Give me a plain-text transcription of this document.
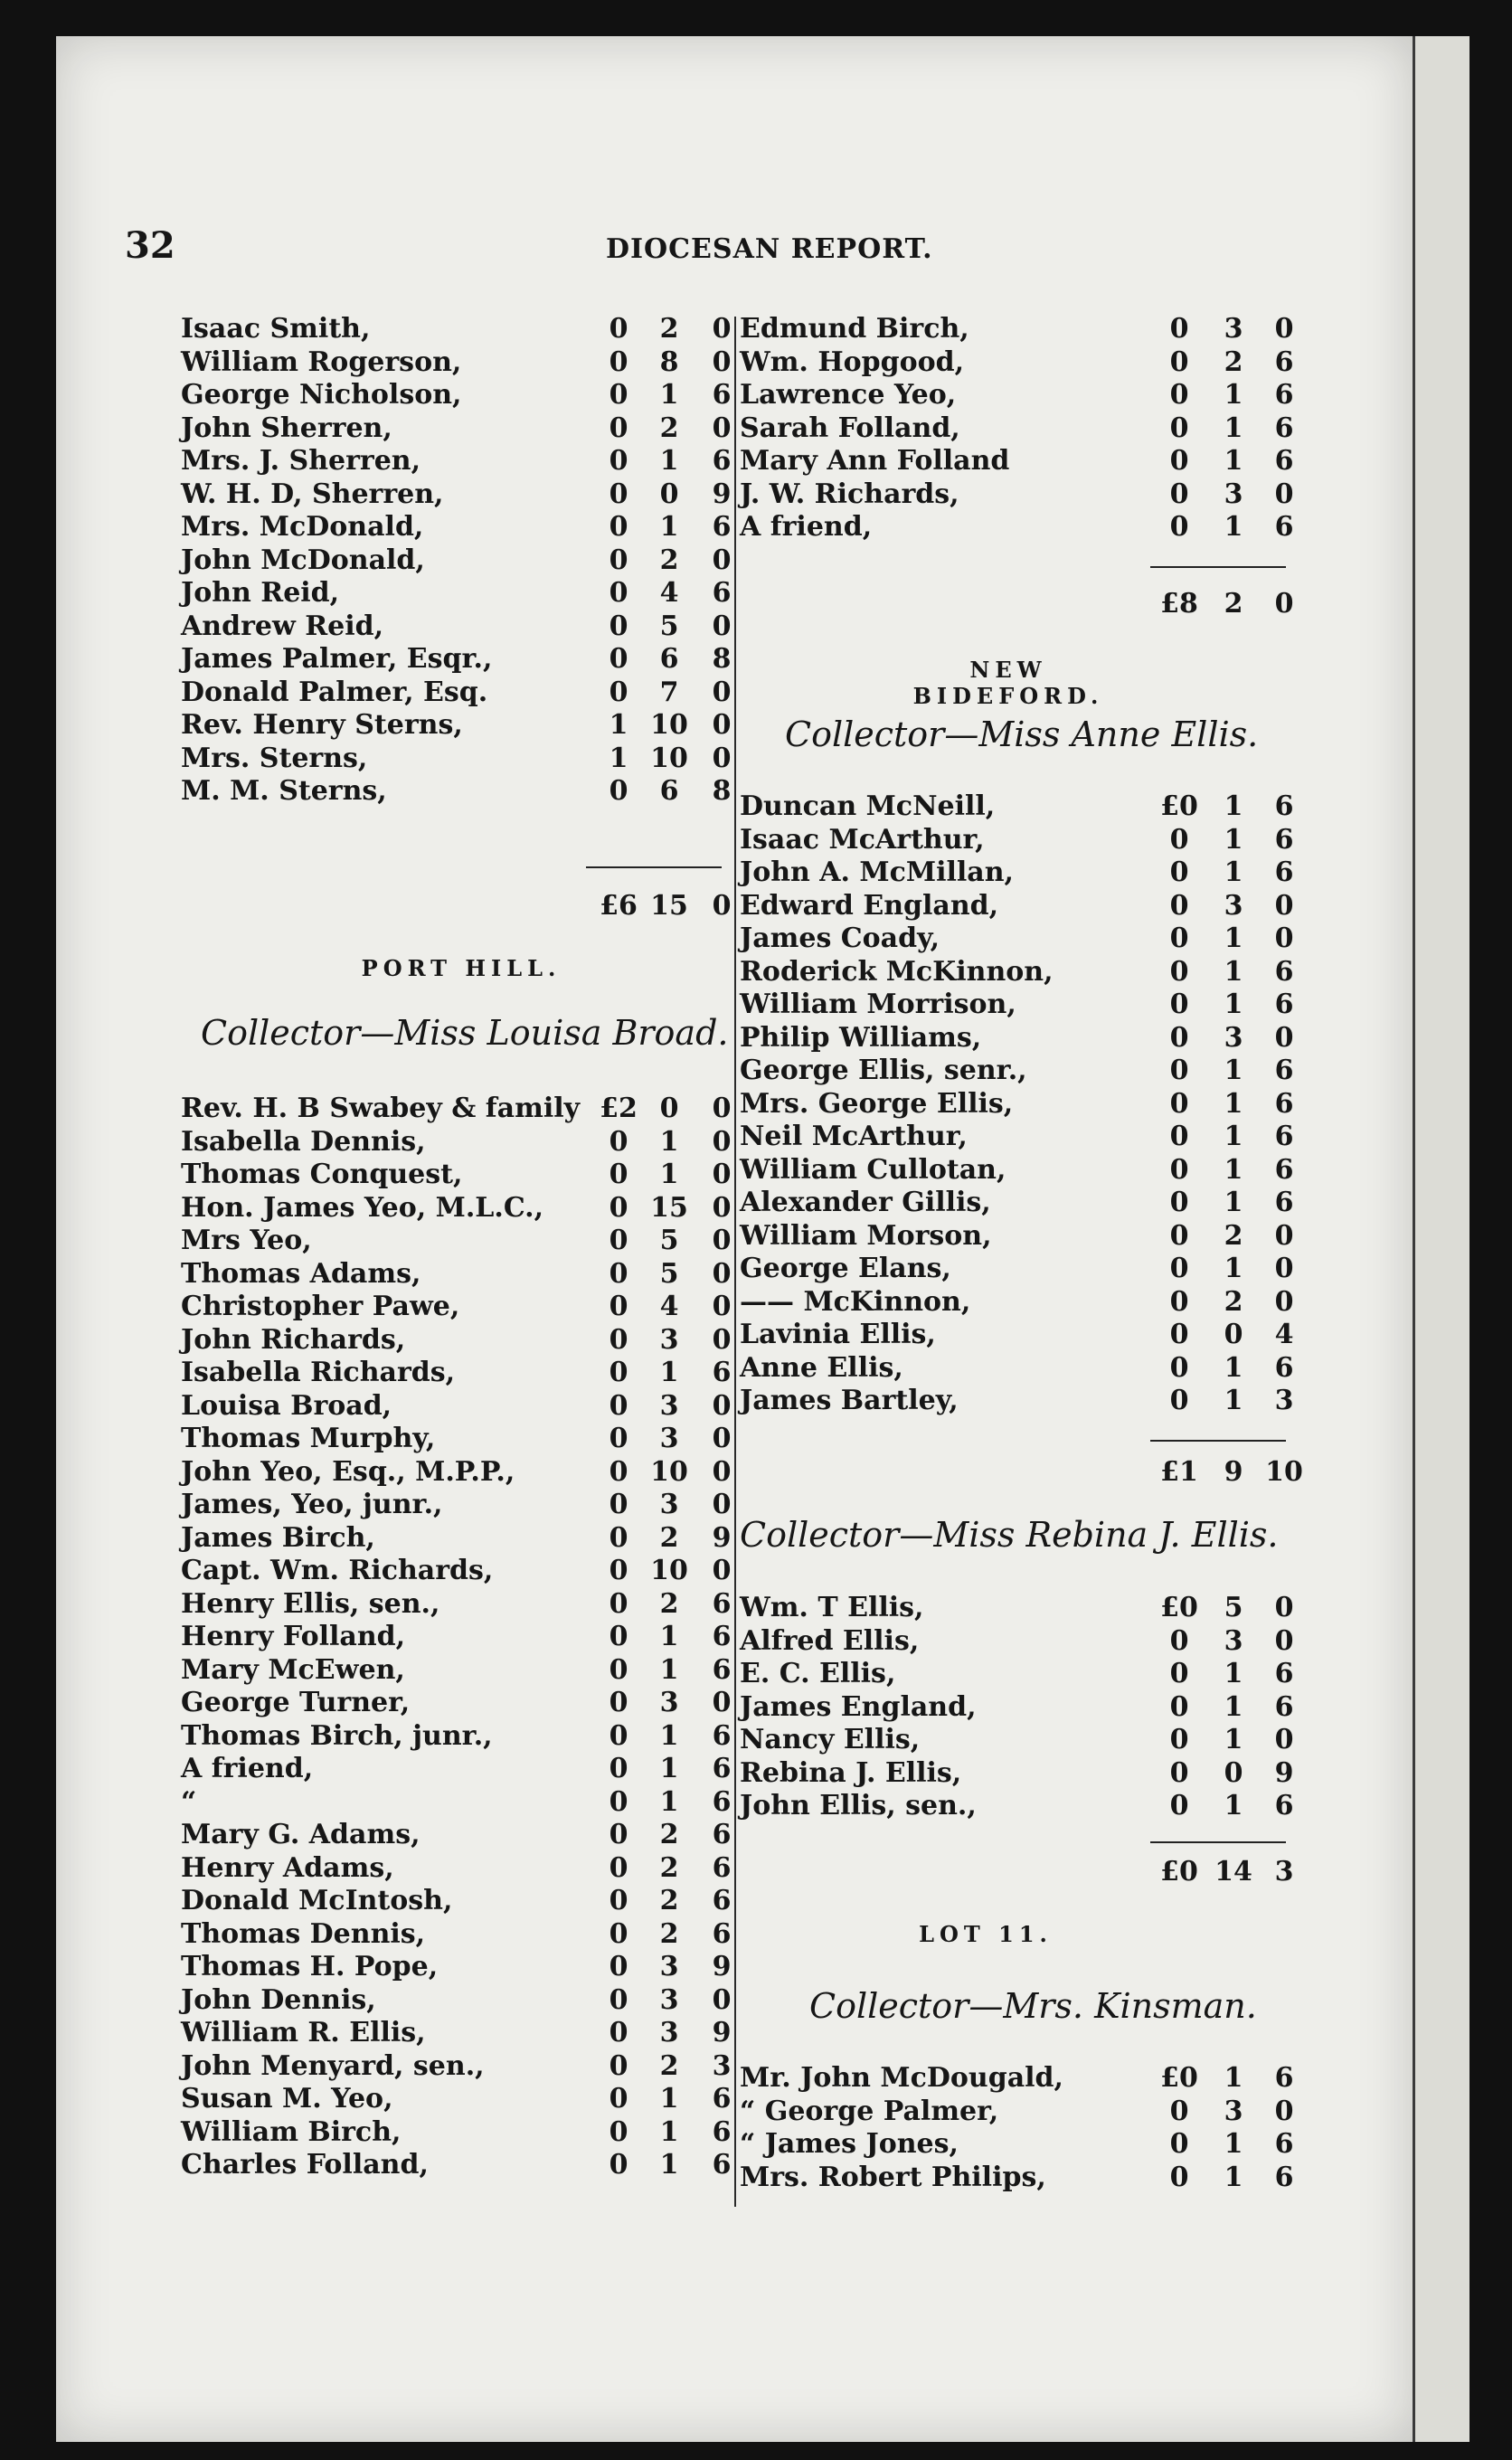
32	DIOCESAN REPORT.
Isaac Smith,	0	2	0
William Rogerson,	0	8	0
George Nicholson,	0	1	6
John Sherren,	0	2	0
Mrs. J. Sherren,	0	1	6
W. H. D, Sherren,	0	0	9
Mrs. McDonald,	0	1	6
John McDonald,	0	2	0
John Reid,	0	4	6
Andrew Reid,	0	5	0
James Palmer, Esqr.,	0	6	8
Donald Palmer, Esq.	0	7	0
Rev. Henry Sterns,	1 10 0
Mrs. Sterns,	1 10 0
M. M. Sterns,	0	6	8
£6 15 0
Rev. H. B Swabey & family £2 0	0
Isabella Dennis,	0	1	0
Thomas Conquest,	0	1	0
Hon. James Yeo, M.L.C.,	0 15 0
Mrs Yeo,	0	5	0
Thomas Adams,	0	5	0
Christopher Pawe,	0	4	0
John Richards,	0	3	0
Isabella Richards,	0	1	6
Louisa Broad,	0	3	0
Thomas Murphy,	0	3	0
John Yeo, Esq., M.P.P.,	0 10 0
James, Yeo, junr.,	0	3	0
James Birch,	0	2	9
Capt. Wm. Richards,	0 10 0
Henry Ellis, sen.,	0	2	6
Henry Folland,	0	1	6
Mary McEwen,	0	1	6
George Turner,	0	3	0
Thomas Birch, junr.,	0	1	6
A friend,	0	1	6
“	0	1	6
Mary G. Adams,	0	2	6
Henry Adams,	0	2	6
Donald McIntosh,	0	2	6
Thomas Dennis,	0	2	6
Thomas H. Pope,	0	3	9
John Dennis,	0	3	0
William R. Ellis,	0	3	9
John Menyard, sen.,	0	2	3
Susan M. Yeo,	0	1	6
William Birch,	0	1	6
Charles Folland,	0	1	6
Edmund Birch,	0	3	0
Wm. Hopgood,	0	2	6
Lawrence Yeo,	0	1	6
Sarah Folland,	0	1	6
Mary Ann Folland	0	1	6
J. W. Richards,	0	3	0
A friend,	0	1	6
£8 2	0
Duncan McNeill,	£0 1	6
Isaac McArthur,	0	1	6
John A. McMillan,	0	1	6
Edward England,	0	3	0
James Coady,	0	1	0
Roderick McKinnon,	0	1	6
William Morrison,	0	1	6
Philip Williams,	0	3	0
George Ellis, senr.,	0	1	6
Mrs. George Ellis,	0	1	6
Neil McArthur,	0	1	6
William Cullotan,	0	1	6
Alexander Gillis,	0	1	6
William Morson,	0	2	0
George Elans,	0	1	0
—— McKinnon,	0	2	0
Lavinia Ellis,	0	0	4
Anne Ellis,	0	1	6
James Bartley,	0	1	3
£1 9 10
Wm. T Ellis,	£0 5	0
Alfred Ellis,	0	3	0
E. C. Ellis,	0	1	6
James England,	0	1	6
Nancy Ellis,	0	1	0
Rebina J. Ellis,	0	0	9
John Ellis, sen.,	0	1	6
£0 14 3
Mr. John McDougald,	£0 1	6
“ George Palmer,	0	3	0
“ James Jones,	0	1	6
Mrs. Robert Philips,	0	1	6
PORT HILL.
Collector—Miss Louisa Broad.
NEW BIDEFORD.
Collector—Miss Anne Ellis.
Collector—Miss Rebina J. Ellis.
LOT 11.
Collector—Mrs. Kinsman.
